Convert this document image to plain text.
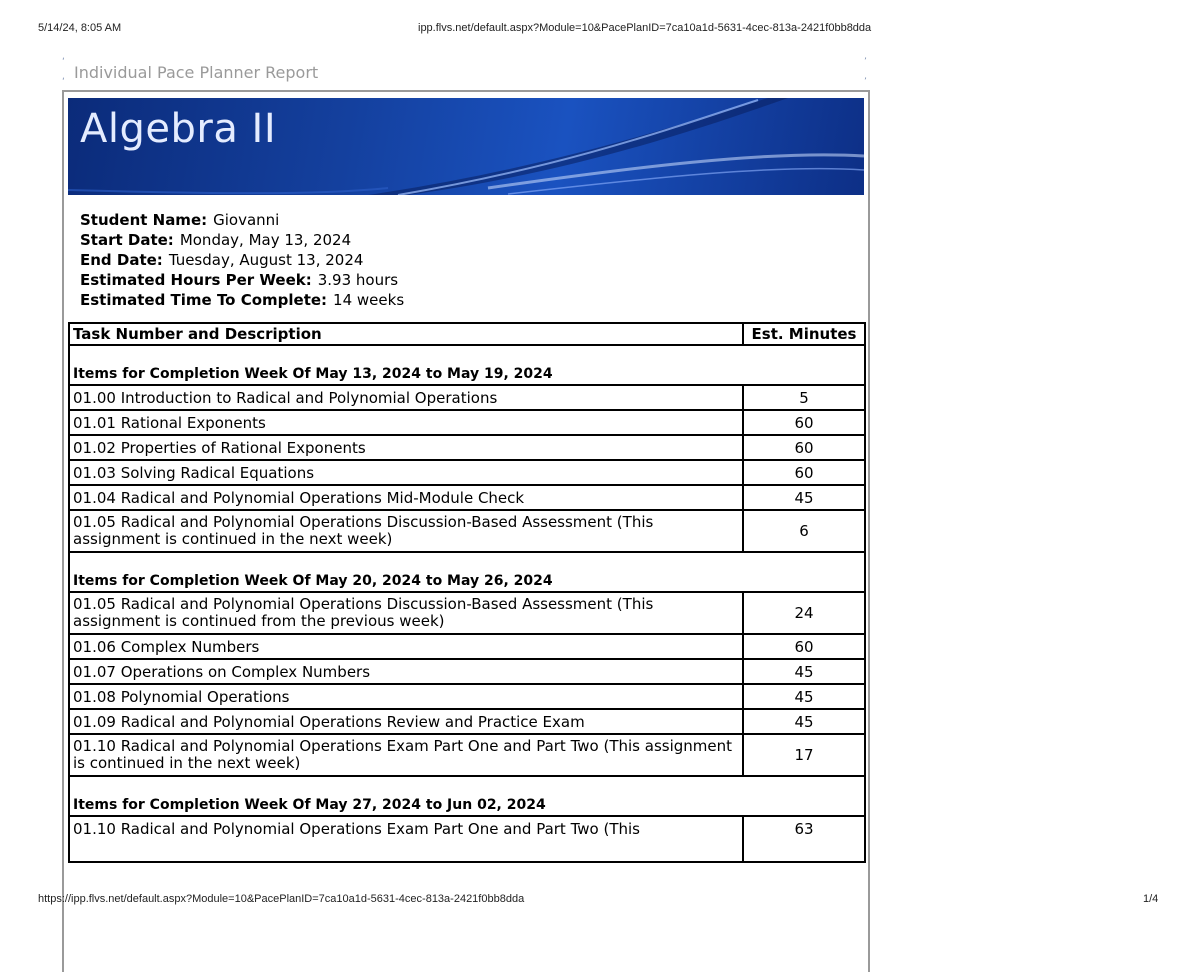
5/14/24, 8:05 AM	ipp.flvs.net/default.aspx?Module=10&PacePlanID=7ca10a1d-5631-4cec-813a-2421f0bb8dda
‘
‘
’
’
Individual Pace Planner Report
Algebra II
Student Name: Giovanni
Start Date: Monday, May 13, 2024
End Date: Tuesday, August 13, 2024
Estimated Hours Per Week: 3.93 hours
Estimated Time To Complete: 14 weeks
Task Number and Description	Est. Minutes
Items for Completion Week Of May 13, 2024 to May 19, 2024	
01.00 Introduction to Radical and Polynomial Operations	5
01.01 Rational Exponents	60
01.02 Properties of Rational Exponents	60
01.03 Solving Radical Equations	60
01.04 Radical and Polynomial Operations Mid-Module Check	45
01.05 Radical and Polynomial Operations Discussion-Based Assessment (This assignment is continued in the next week)	6
Items for Completion Week Of May 20, 2024 to May 26, 2024	
01.05 Radical and Polynomial Operations Discussion-Based Assessment (This assignment is continued from the previous week)	24
01.06 Complex Numbers	60
01.07 Operations on Complex Numbers	45
01.08 Polynomial Operations	45
01.09 Radical and Polynomial Operations Review and Practice Exam	45
01.10 Radical and Polynomial Operations Exam Part One and Part Two (This assignment is continued in the next week)	17
Items for Completion Week Of May 27, 2024 to Jun 02, 2024	
01.10 Radical and Polynomial Operations Exam Part One and Part Two (This	63
https://ipp.flvs.net/default.aspx?Module=10&PacePlanID=7ca10a1d-5631-4cec-813a-2421f0bb8dda	1/4
